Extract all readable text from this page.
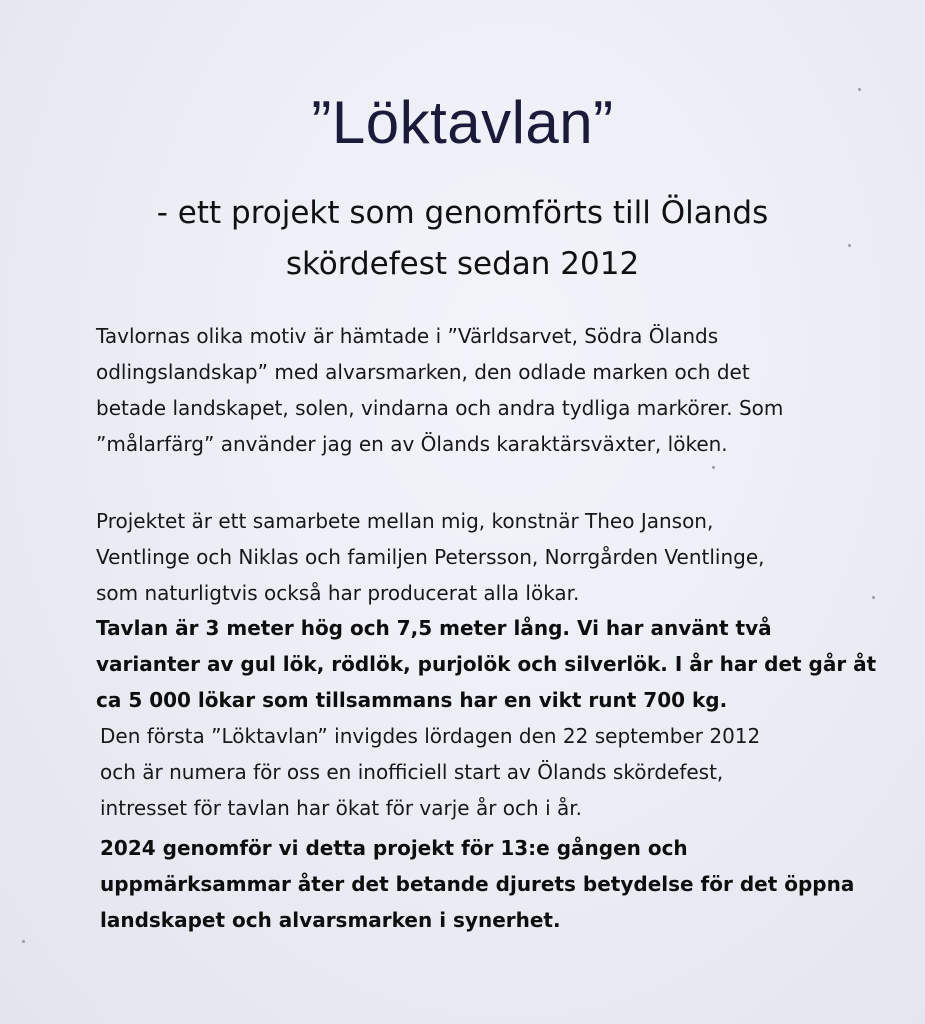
”Löktavlan”
- ett projekt som genomförts till Ölands
skördefest sedan 2012

Tavlornas olika motiv är hämtade i ”Världsarvet, Södra Ölands
odlingslandskap” med alvarsmarken, den odlade marken och det
betade landskapet, solen, vindarna och andra tydliga markörer. Som
”målarfärg” använder jag en av Ölands karaktärsväxter, löken.

Projektet är ett samarbete mellan mig, konstnär Theo Janson,
Ventlinge och Niklas och familjen Petersson, Norrgården Ventlinge,
som naturligtvis också har producerat alla lökar.

Tavlan är 3 meter hög och 7,5 meter lång. Vi har använt två
varianter av gul lök, rödlök, purjolök och silverlök. I år har det går åt
ca 5 000 lökar som tillsammans har en vikt runt 700 kg.

Den första ”Löktavlan” invigdes lördagen den 22 september 2012
och är numera för oss en inofficiell start av Ölands skördefest,
intresset för tavlan har ökat för varje år och i år.

2024 genomför vi detta projekt för 13:e gången och
uppmärksammar åter det betande djurets betydelse för det öppna
landskapet och alvarsmarken i synerhet.
